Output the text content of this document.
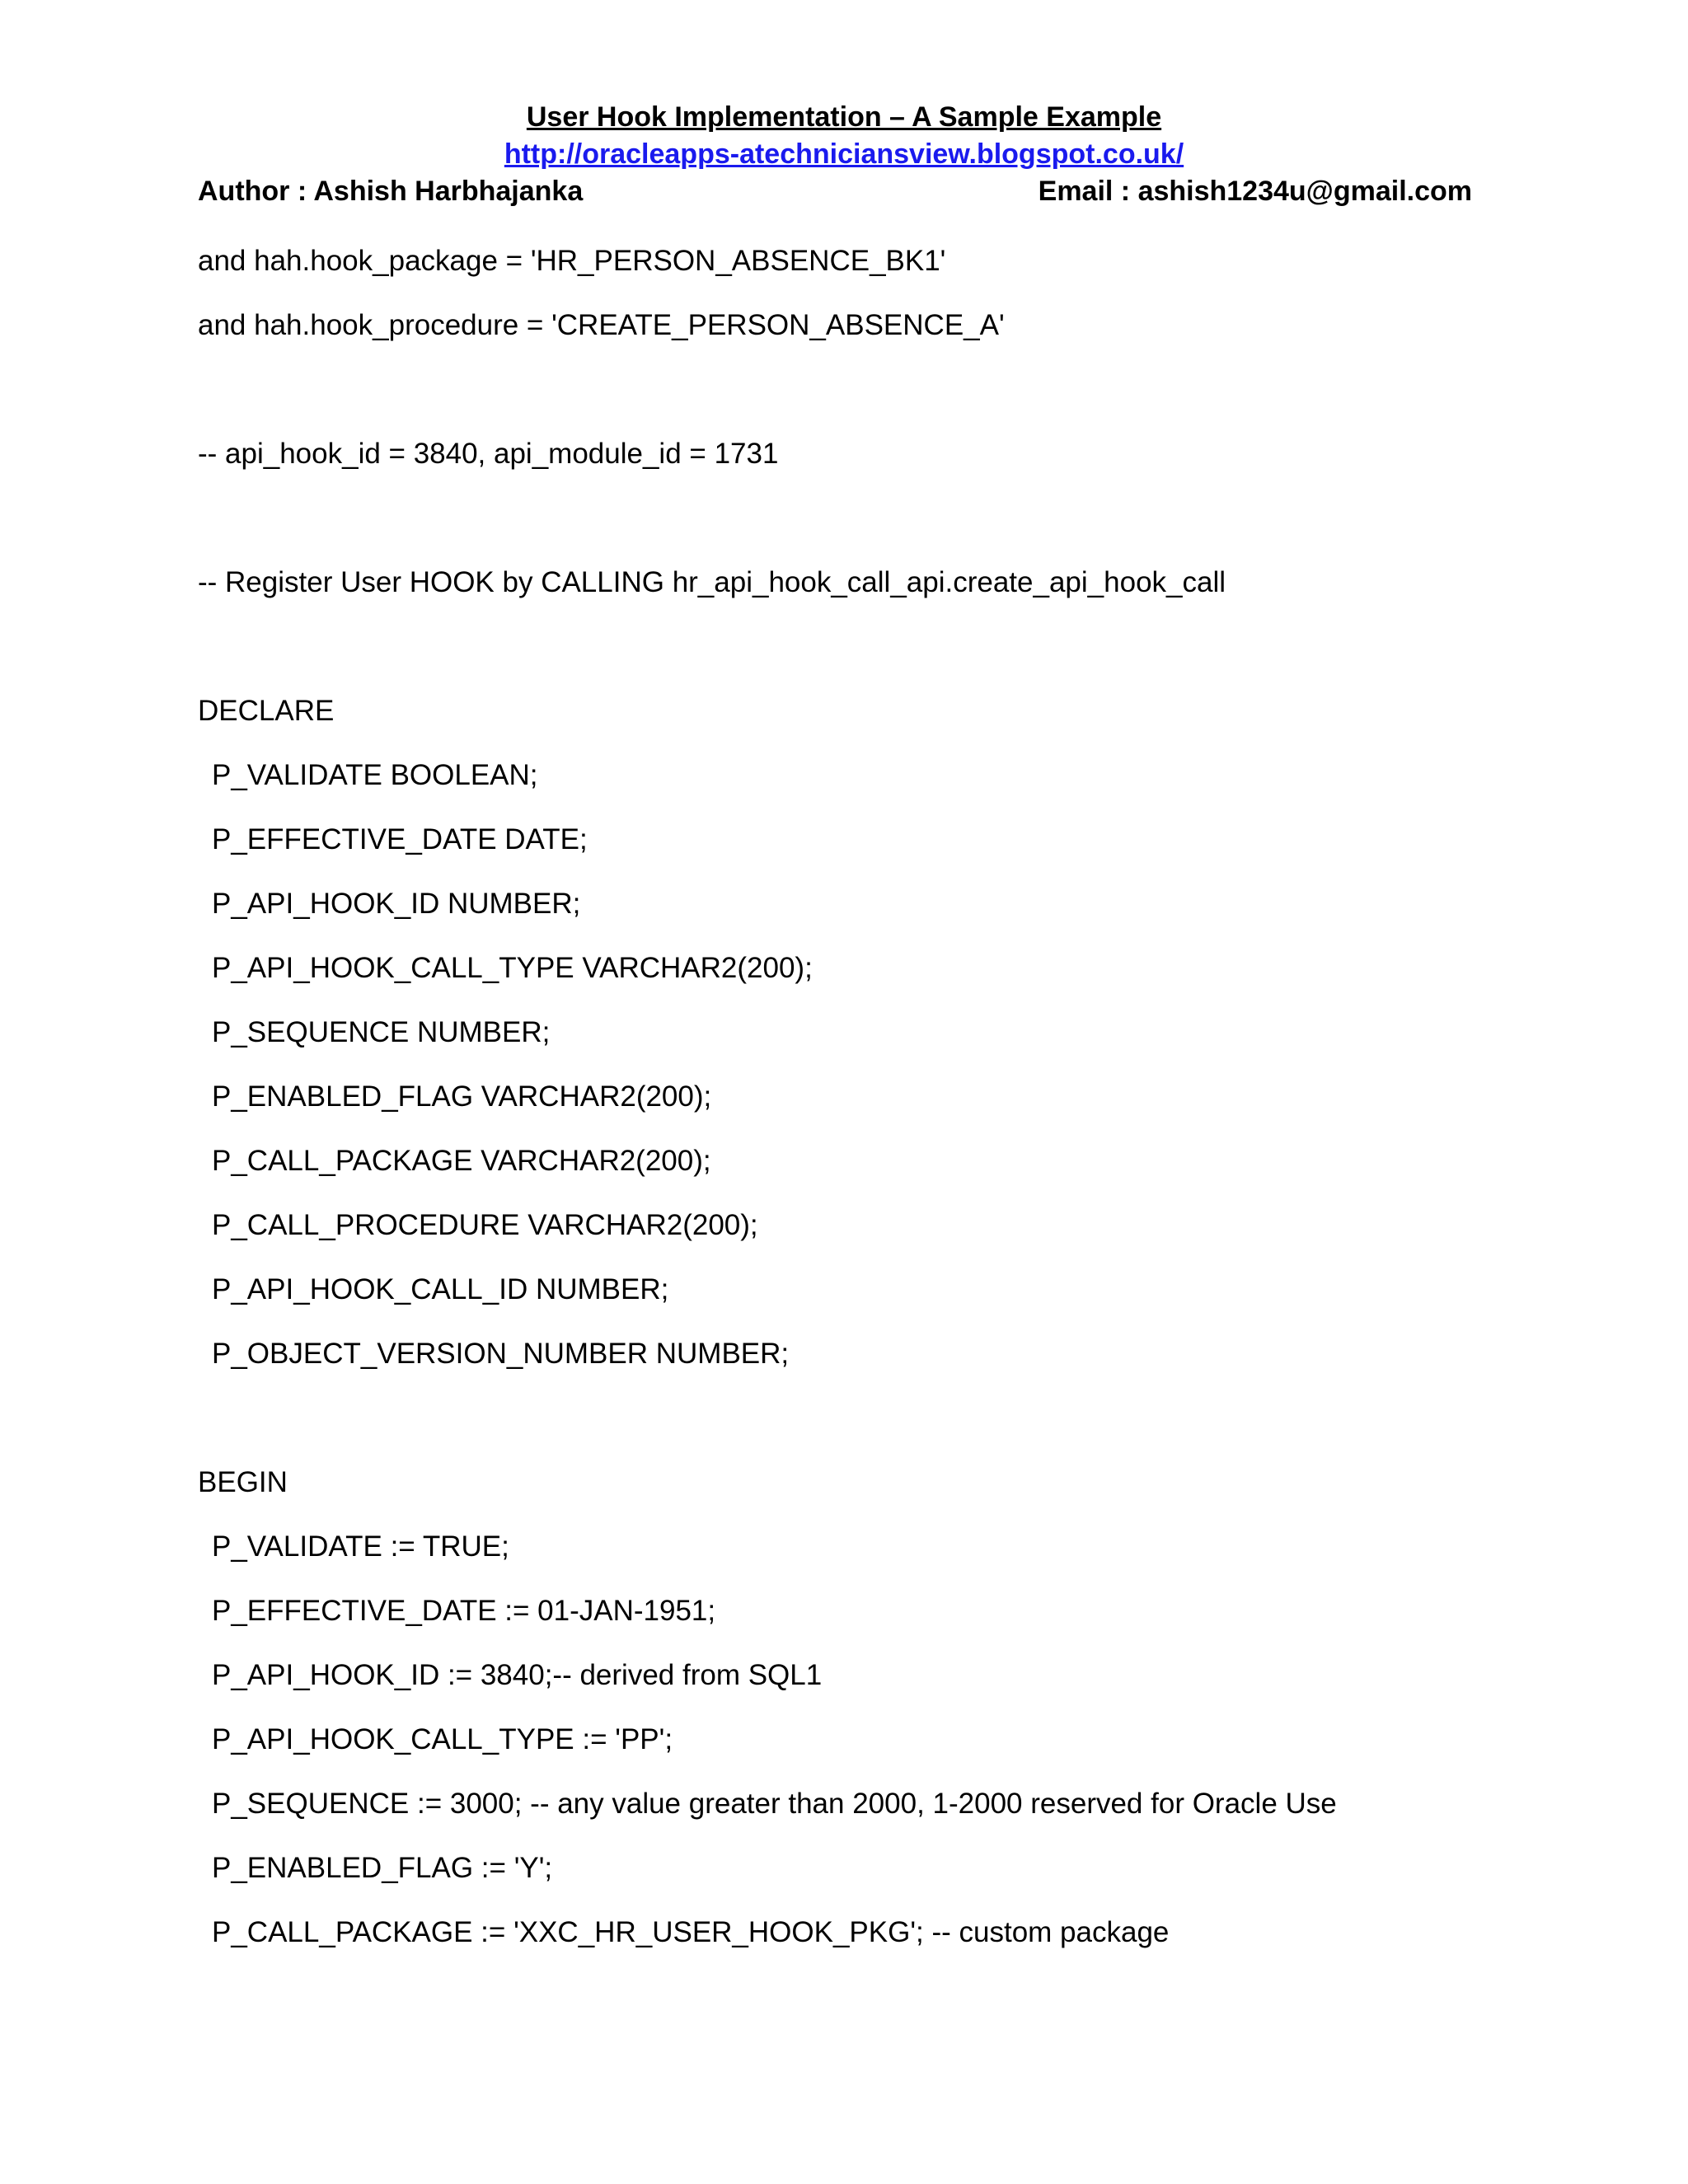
User Hook Implementation – A Sample Example
http://oracleapps-atechniciansview.blogspot.co.uk/
Author : Ashish Harbhajanka	Email : ashish1234u@gmail.com
and hah.hook_package = 'HR_PERSON_ABSENCE_BK1'
and hah.hook_procedure = 'CREATE_PERSON_ABSENCE_A'
-- api_hook_id = 3840, api_module_id = 1731
-- Register User HOOK by CALLING hr_api_hook_call_api.create_api_hook_call
DECLARE
P_VALIDATE BOOLEAN;
P_EFFECTIVE_DATE DATE;
P_API_HOOK_ID NUMBER;
P_API_HOOK_CALL_TYPE VARCHAR2(200);
P_SEQUENCE NUMBER;
P_ENABLED_FLAG VARCHAR2(200);
P_CALL_PACKAGE VARCHAR2(200);
P_CALL_PROCEDURE VARCHAR2(200);
P_API_HOOK_CALL_ID NUMBER;
P_OBJECT_VERSION_NUMBER NUMBER;
BEGIN
P_VALIDATE := TRUE;
P_EFFECTIVE_DATE := 01-JAN-1951;
P_API_HOOK_ID := 3840;-- derived from SQL1
P_API_HOOK_CALL_TYPE := 'PP';
P_SEQUENCE := 3000; -- any value greater than 2000, 1-2000 reserved for Oracle Use
P_ENABLED_FLAG := 'Y';
P_CALL_PACKAGE := 'XXC_HR_USER_HOOK_PKG'; -- custom package
